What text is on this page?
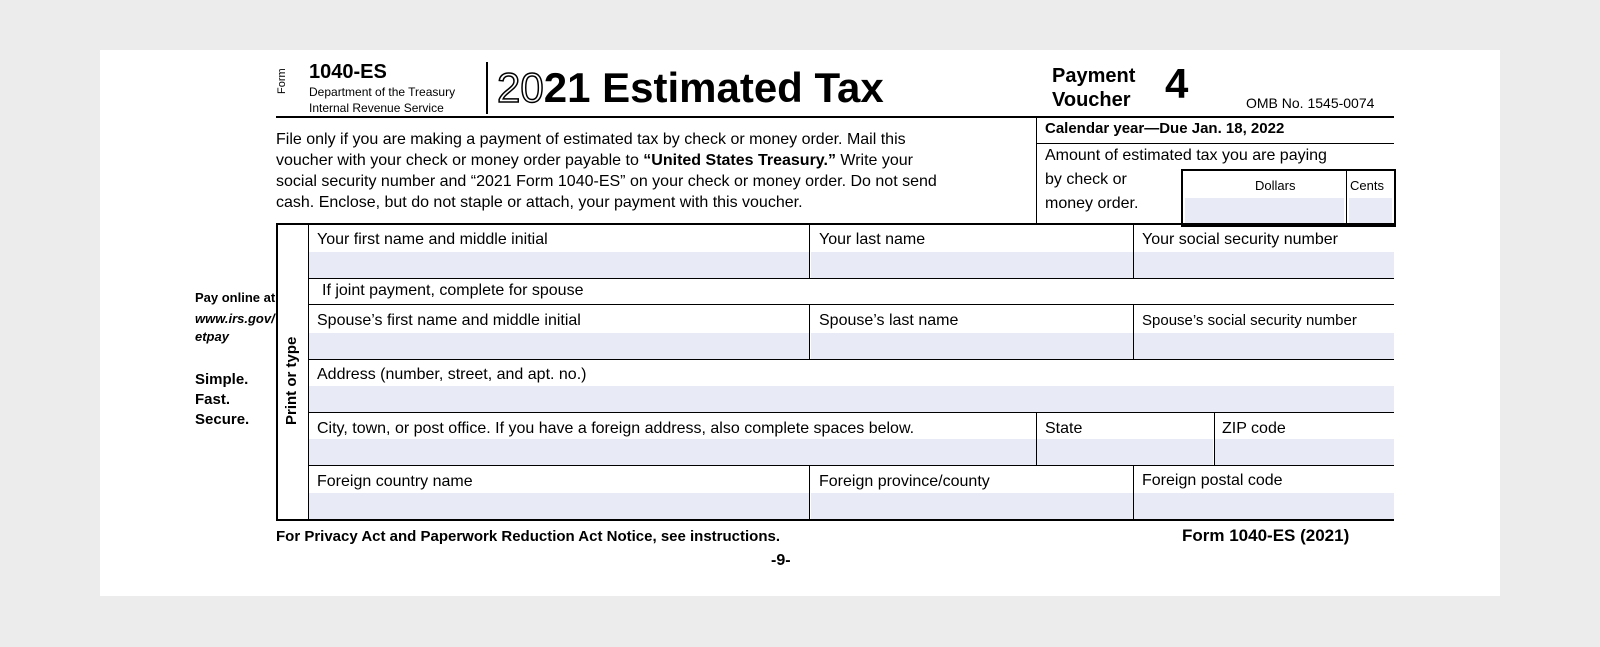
Form 1040-ES
Department of the Treasury
Internal Revenue Service 2021 Estimated Tax	Payment
Voucher 4	OMB No. 1545-0074
File only if you are making a payment of estimated tax by check or money order. Mail this
voucher with your check or money order payable to “United States Treasury.” Write your
social security number and “2021 Form 1040-ES” on your check or money order. Do not send
cash. Enclose, but do not staple or attach, your payment with this voucher.
Calendar year—Due Jan. 18, 2022
Amount of estimated tax you are paying
by check or
money order.
Dollars	Cents
Pay online at
www.irs.gov/
etpay
Simple.
Fast.
Secure. Print or type
Your first name and middle initial	Your last name	Your social security number
If joint payment, complete for spouse
Spouse’s first name and middle initial	Spouse’s last name	Spouse’s social security number
Address (number, street, and apt. no.)
City, town, or post office. If you have a foreign address, also complete spaces below.	State	ZIP code
Foreign country name	Foreign province/county	Foreign postal code
For Privacy Act and Paperwork Reduction Act Notice, see instructions.	Form 1040-ES (2021)
-9-
